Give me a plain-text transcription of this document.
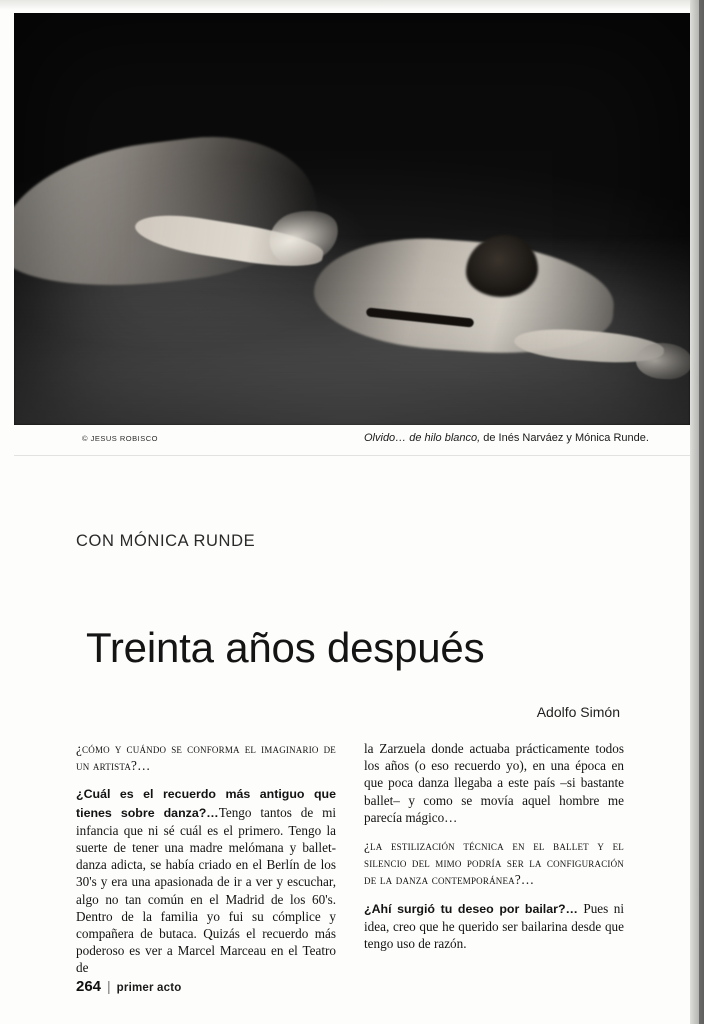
© JESUS ROBISCO	Olvido… de hilo blanco, de Inés Narváez y Mónica Runde.
CON MÓNICA RUNDE
Treinta años después
Adolfo Simón

¿cómo y cuándo se conforma el imaginario de un artista?…

¿Cuál es el recuerdo más antiguo que tienes sobre danza?…Tengo tantos de mi infancia que ni sé cuál es el primero. Tengo la suerte de tener una madre melómana y ballet-danza adicta, se había criado en el Berlín de los 30's y era una apasionada de ir a ver y escuchar, algo no tan común en el Madrid de los 60's. Dentro de la familia yo fui su cómplice y compañera de butaca. Quizás el recuerdo más poderoso es ver a Marcel Marceau en el Teatro de

la Zarzuela donde actuaba prácticamente todos los años (o eso recuerdo yo), en una época en que poca danza llegaba a este país –si bastante ballet– y como se movía aquel hombre me parecía mágico…

¿la estilización técnica en el ballet y el silencio del mimo podría ser la configuración de la danza contemporánea?…

¿Ahí surgió tu deseo por bailar?… Pues ni idea, creo que he querido ser bailarina desde que tengo uso de razón.

264 | primer acto
